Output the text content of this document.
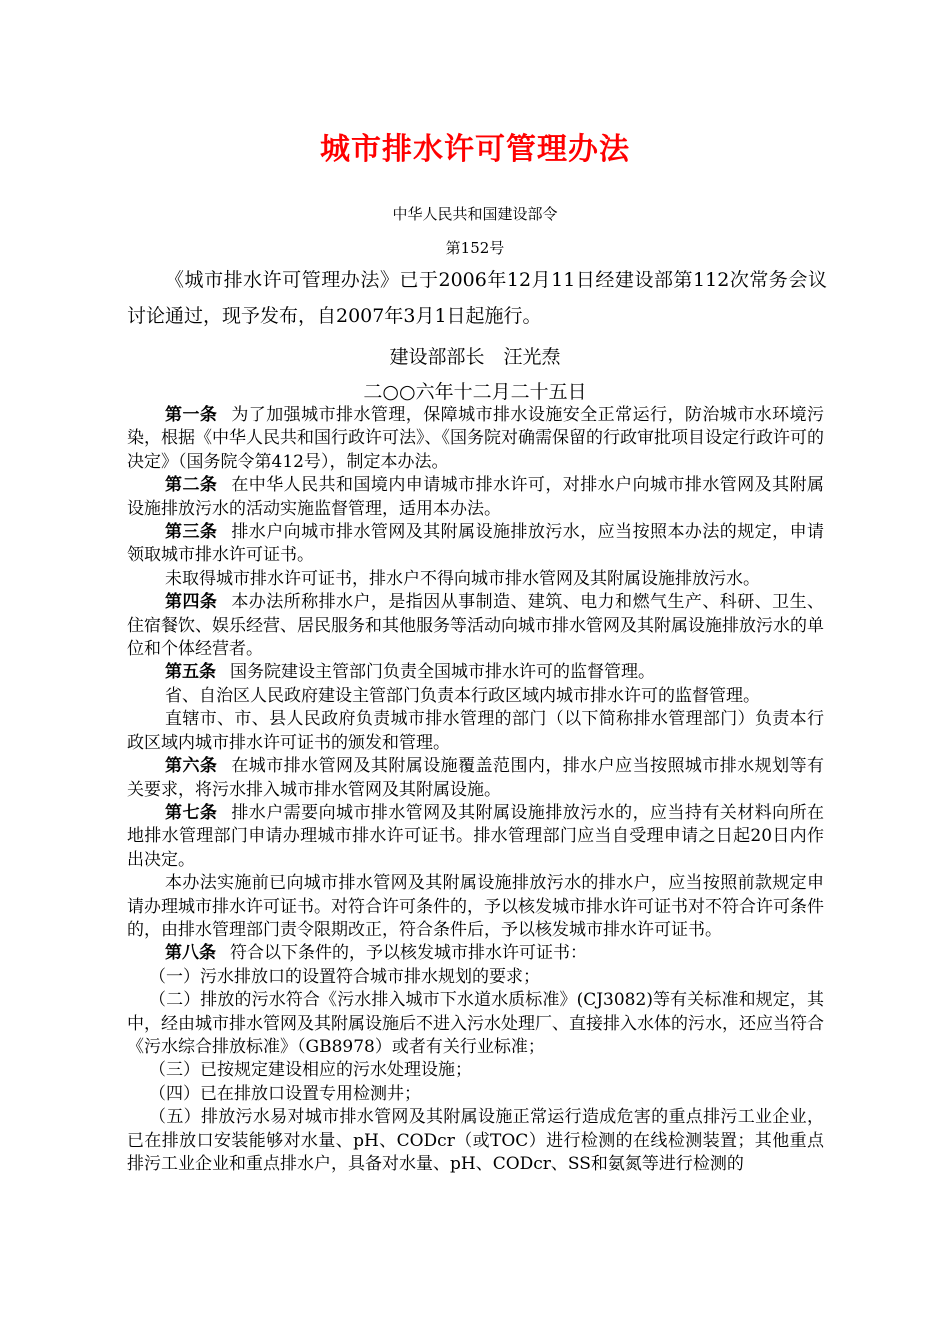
城市排水许可管理办法
中华人民共和国建设部令
第152号
《城市排水许可管理办法》已于2006年12月11日经建设部第112次常务会议讨论通过，现予发布，自2007年3月1日起施行。
建设部部长　汪光焘
二○○六年十二月二十五日

第一条 为了加强城市排水管理，保障城市排水设施安全正常运行，防治城市水环境污染，根据《中华人民共和国行政许可法》、《国务院对确需保留的行政审批项目设定行政许可的决定》（国务院令第412号），制定本办法。

第二条 在中华人民共和国境内申请城市排水许可，对排水户向城市排水管网及其附属设施排放污水的活动实施监督管理，适用本办法。

第三条 排水户向城市排水管网及其附属设施排放污水，应当按照本办法的规定，申请领取城市排水许可证书。

未取得城市排水许可证书，排水户不得向城市排水管网及其附属设施排放污水。

第四条 本办法所称排水户，是指因从事制造、建筑、电力和燃气生产、科研、卫生、住宿餐饮、娱乐经营、居民服务和其他服务等活动向城市排水管网及其附属设施排放污水的单位和个体经营者。

第五条 国务院建设主管部门负责全国城市排水许可的监督管理。

省、自治区人民政府建设主管部门负责本行政区域内城市排水许可的监督管理。

直辖市、市、县人民政府负责城市排水管理的部门（以下简称排水管理部门）负责本行政区域内城市排水许可证书的颁发和管理。

第六条 在城市排水管网及其附属设施覆盖范围内，排水户应当按照城市排水规划等有关要求，将污水排入城市排水管网及其附属设施。

第七条 排水户需要向城市排水管网及其附属设施排放污水的，应当持有关材料向所在地排水管理部门申请办理城市排水许可证书。排水管理部门应当自受理申请之日起20日内作出决定。

本办法实施前已向城市排水管网及其附属设施排放污水的排水户，应当按照前款规定申请办理城市排水许可证书。对符合许可条件的，予以核发城市排水许可证书对不符合许可条件的，由排水管理部门责令限期改正，符合条件后，予以核发城市排水许可证书。

第八条 符合以下条件的，予以核发城市排水许可证书：

（一）污水排放口的设置符合城市排水规划的要求；

（二）排放的污水符合《污水排入城市下水道水质标准》(CJ3082)等有关标准和规定，其中，经由城市排水管网及其附属设施后不进入污水处理厂、直接排入水体的污水，还应当符合《污水综合排放标准》（GB8978）或者有关行业标准；

（三）已按规定建设相应的污水处理设施；

（四）已在排放口设置专用检测井；

（五）排放污水易对城市排水管网及其附属设施正常运行造成危害的重点排污工业企业，已在排放口安装能够对水量、pH、CODcr（或TOC）进行检测的在线检测装置；其他重点排污工业企业和重点排水户，具备对水量、pH、CODcr、SS和氨氮等进行检测的
